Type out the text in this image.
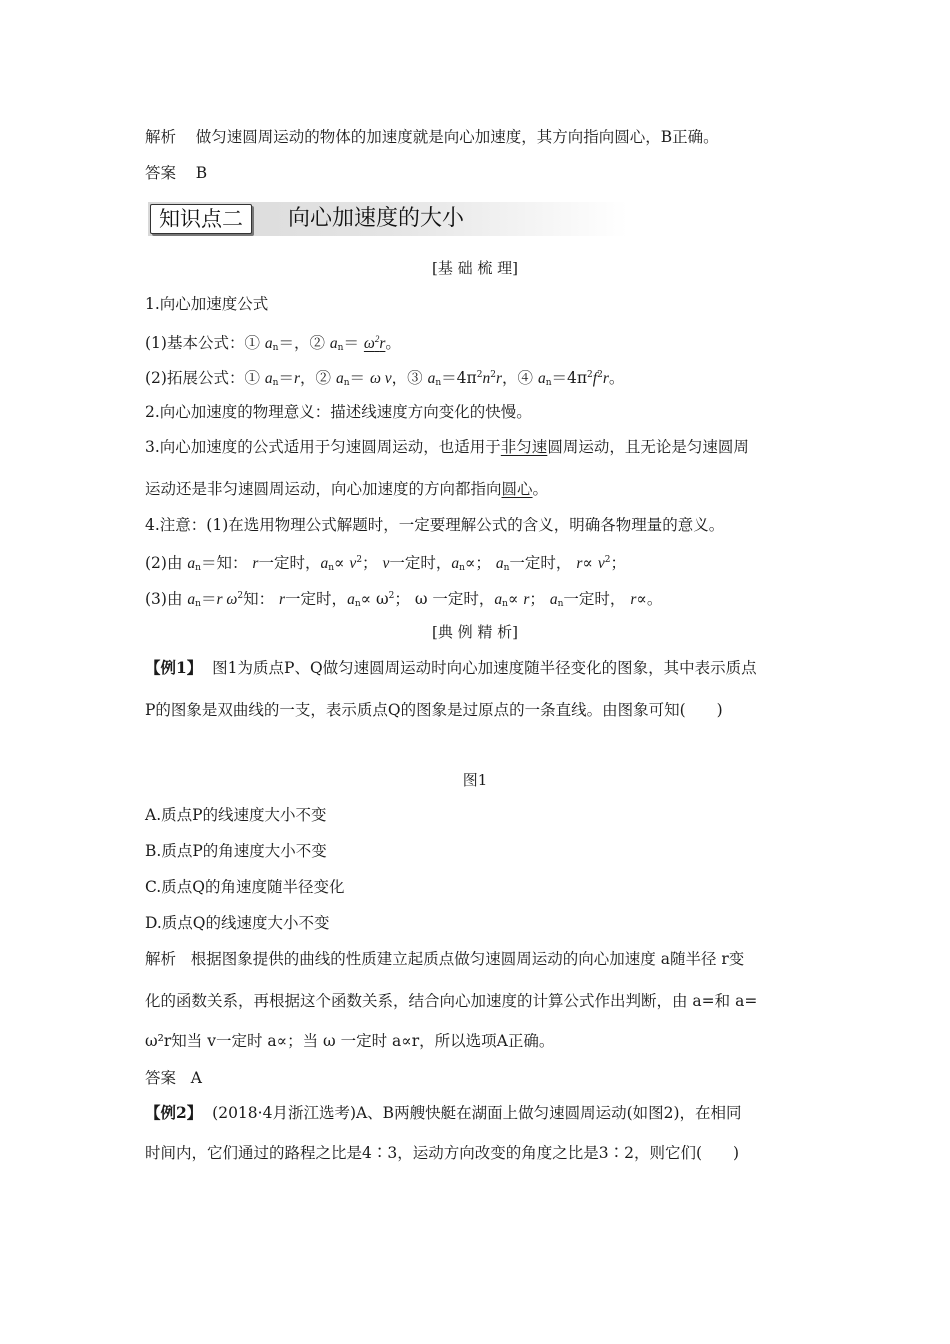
解析 做匀速圆周运动的物体的加速度就是向心加速度，其方向指向圆心，B正确。
答案 B
知识点二	向心加速度的大小
[基 础 梳 理]
1.向心加速度公式
(1)基本公式：① $a_n=$，② $a_n= \omega^2r$。
(2)拓展公式：① $a_n=r$，② $a_n= \omega$ v，③ $a_n=4\pi^2n^2r$，④ $a_n=4\pi^2f^2r$。
2.向心加速度的物理意义：描述线速度方向变化的快慢。
3.向心加速度的公式适用于匀速圆周运动，也适用于非匀速圆周运动，且无论是匀速圆周
运动还是非匀速圆周运动，向心加速度的方向都指向圆心。
4.注意：(1)在选用物理公式解题时，一定要理解公式的含义，明确各物理量的意义。
(2)由 $a_n=$知： r一定时，$a_n\propto v^2$； v一定时，$a_n\propto$； $a_n$一定时， $r\propto v^2$；
(3)由 $a_n=r$ $\omega^2$知： r一定时，$a_n\propto \omega^2$； ω 一定时，$a_n\propto r$； $a_n$一定时， r∝。
[典 例 精 析]
【例1】 图1为质点P、Q做匀速圆周运动时向心加速度随半径变化的图象，其中表示质点
P的图象是双曲线的一支，表示质点Q的图象是过原点的一条直线。由图象可知(　　)
图1
A.质点P的线速度大小不变
B.质点P的角速度大小不变
C.质点Q的角速度随半径变化
D.质点Q的线速度大小不变
解析 根据图象提供的曲线的性质建立起质点做匀速圆周运动的向心加速度 a随半径 r变
化的函数关系，再根据这个函数关系，结合向心加速度的计算公式作出判断，由 a=和 a=
ω²r知当 v一定时 a∝；当 ω 一定时 a∝r，所以选项A正确。
答案 A
【例2】 (2018·4月浙江选考)A、B两艘快艇在湖面上做匀速圆周运动(如图2)，在相同
时间内，它们通过的路程之比是4∶3，运动方向改变的角度之比是3∶2，则它们(　　)
